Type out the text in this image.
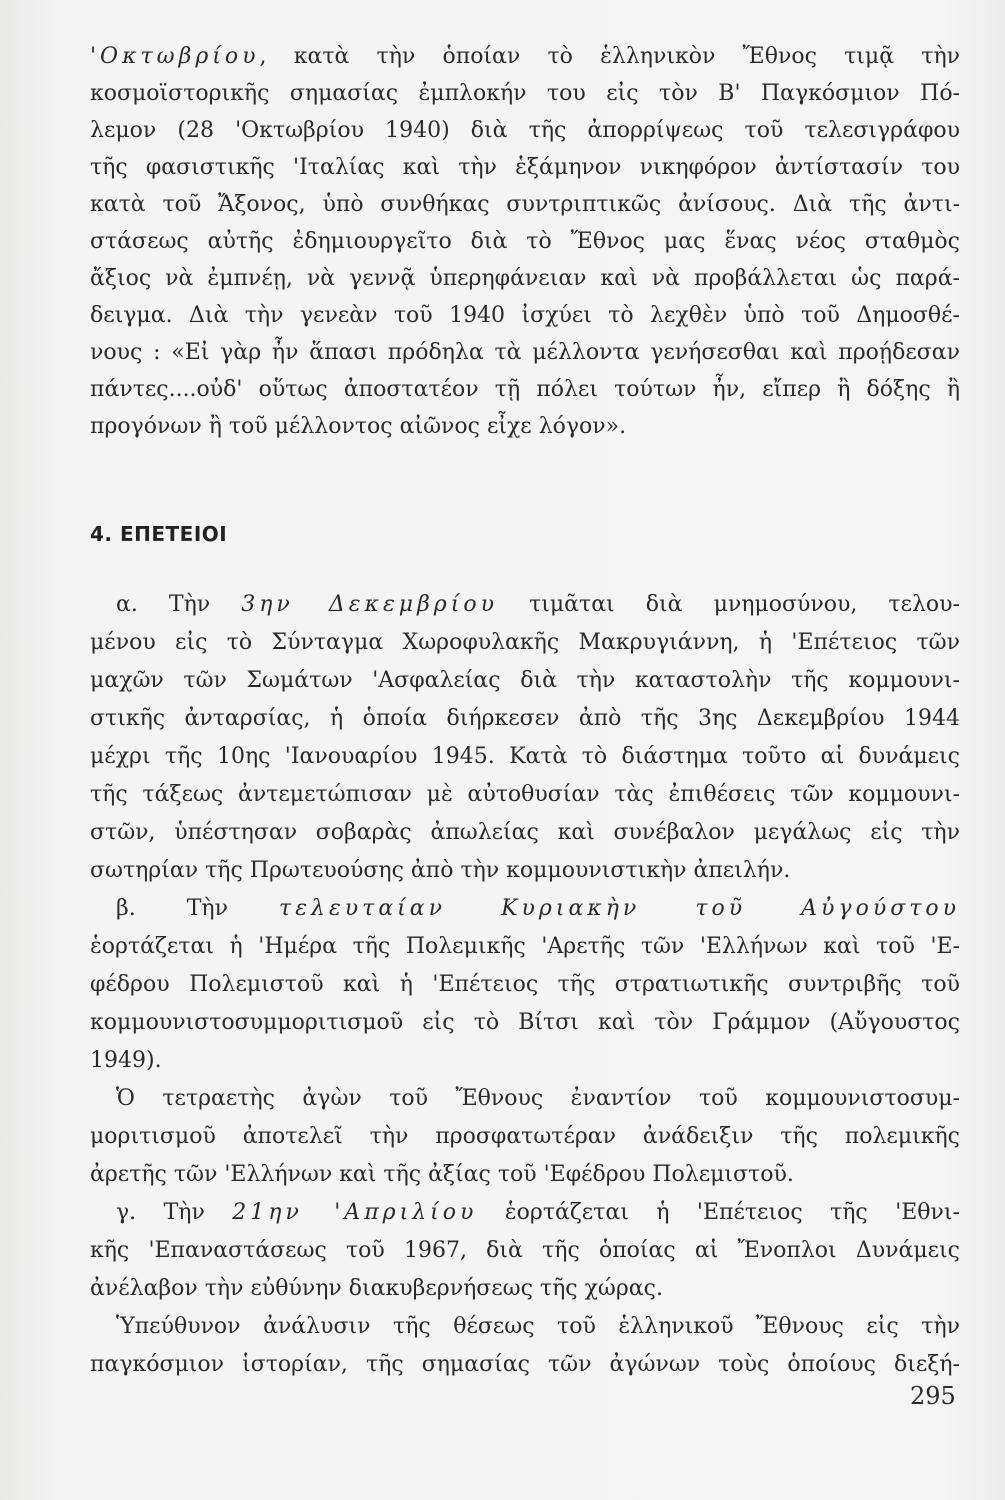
'Οκτωβρίου, κατὰ τὴν ὁποίαν τὸ ἑλληνικὸν Ἔθνος τιμᾷ τὴν
κοσμοϊστορικῆς σημασίας ἐμπλοκήν του εἰς τὸν Β' Παγκόσμιον Πό-
λεμον (28 'Οκτωβρίου 1940) διὰ τῆς ἀπορρίψεως τοῦ τελεσιγράφου
τῆς φασιστικῆς 'Ιταλίας καὶ τὴν ἑξάμηνον νικηφόρον ἀντίστασίν του
κατὰ τοῦ Ἄξονος, ὑπὸ συνθήκας συντριπτικῶς ἀνίσους. Διὰ τῆς ἀντι-
στάσεως αὐτῆς ἐδημιουργεῖτο διὰ τὸ Ἔθνος μας ἕνας νέος σταθμὸς
ἄξιος νὰ ἐμπνέῃ, νὰ γεννᾷ ὑπερηφάνειαν καὶ νὰ προβάλλεται ὡς παρά-
δειγμα. Διὰ τὴν γενεὰν τοῦ 1940 ἰσχύει τὸ λεχθὲν ὑπὸ τοῦ Δημοσθέ-
νους : «Εἰ γὰρ ἦν ἅπασι πρόδηλα τὰ μέλλοντα γενήσεσθαι καὶ προῄδεσαν
πάντες....οὐδ' οὕτως ἀποστατέον τῇ πόλει τούτων ἦν, εἴπερ ἢ δόξης ἢ
προγόνων ἢ τοῦ μέλλοντος αἰῶνος εἶχε λόγον».
4. ΕΠΕΤΕΙΟΙ
α. Τὴν 3ην Δεκεμβρίου τιμᾶται διὰ μνημοσύνου, τελου-
μένου εἰς τὸ Σύνταγμα Χωροφυλακῆς Μακρυγιάννη, ἡ 'Επέτειος τῶν
μαχῶν τῶν Σωμάτων 'Ασφαλείας διὰ τὴν καταστολὴν τῆς κομμουνι-
στικῆς ἀνταρσίας, ἡ ὁποία διήρκεσεν ἀπὸ τῆς 3ης Δεκεμβρίου 1944
μέχρι τῆς 10ης 'Ιανουαρίου 1945. Κατὰ τὸ διάστημα τοῦτο αἱ δυνάμεις
τῆς τάξεως ἀντεμετώπισαν μὲ αὐτοθυσίαν τὰς ἐπιθέσεις τῶν κομμουνι-
στῶν, ὑπέστησαν σοβαρὰς ἀπωλείας καὶ συνέβαλον μεγάλως εἰς τὴν
σωτηρίαν τῆς Πρωτευούσης ἀπὸ τὴν κομμουνιστικὴν ἀπειλήν.
β. Τὴν τελευταίαν Κυριακὴν τοῦ Αὐγούστου
ἑορτάζεται ἡ 'Ημέρα τῆς Πολεμικῆς 'Αρετῆς τῶν 'Ελλήνων καὶ τοῦ 'Ε-
φέδρου Πολεμιστοῦ καὶ ἡ 'Επέτειος τῆς στρατιωτικῆς συντριβῆς τοῦ
κομμουνιστοσυμμοριτισμοῦ εἰς τὸ Βίτσι καὶ τὸν Γράμμον (Αὔγουστος
1949).
Ὁ τετραετὴς ἀγὼν τοῦ Ἔθνους ἐναντίον τοῦ κομμουνιστοσυμ-
μοριτισμοῦ ἀποτελεῖ τὴν προσφατωτέραν ἀνάδειξιν τῆς πολεμικῆς
ἀρετῆς τῶν 'Ελλήνων καὶ τῆς ἀξίας τοῦ 'Εφέδρου Πολεμιστοῦ.
γ. Τὴν 21ην 'Απριλίου ἑορτάζεται ἡ 'Επέτειος τῆς 'Εθνι-
κῆς 'Επαναστάσεως τοῦ 1967, διὰ τῆς ὁποίας αἱ Ἔνοπλοι Δυνάμεις
ἀνέλαβον τὴν εὐθύνην διακυβερνήσεως τῆς χώρας.
Ὑπεύθυνον ἀνάλυσιν τῆς θέσεως τοῦ ἑλληνικοῦ Ἔθνους εἰς τὴν
παγκόσμιον ἱστορίαν, τῆς σημασίας τῶν ἀγώνων τοὺς ὁποίους διεξή-
295
